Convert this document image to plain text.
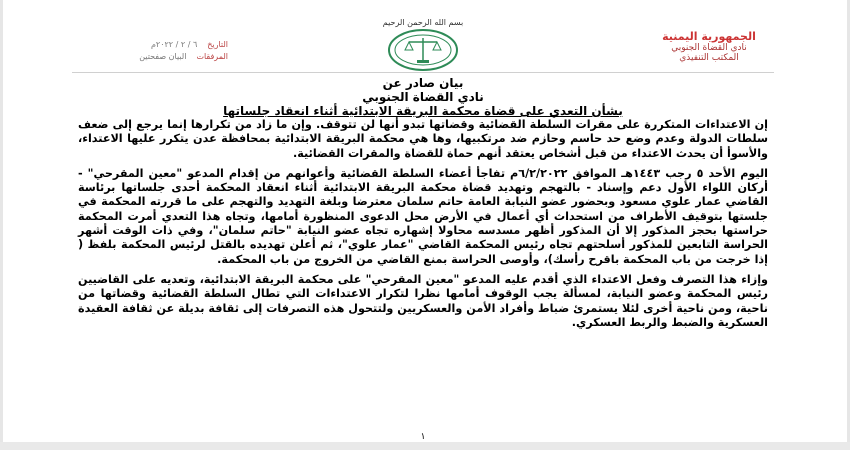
بسم الله الرحمن الرحيم
الجمهورية اليمنية
نادي القضاة الجنوبي
المكتب التنفيذي
التاريخ
٦ / ٢ / ٢٠٢٢م
المرفقات
البيان صفحتين
بيان صادر عن
نادي القضاة الجنوبي
بشأن التعدي على قضاة محكمة البريقة الابتدائية أثناء انعقاد جلساتها

إن الاعتداءات المتكررة على مقرات السلطة القضائية وقضاتها تبدو أنها لن تتوقف. وإن ما زاد من تكرارها إنما يرجع إلى ضعف سلطات الدولة وعدم وضع حد حاسم وحازم ضد مرتكبيها، وها هي محكمة البريقة الابتدائية بمحافظة عدن يتكرر عليها الاعتداء، والأسوأ أن يحدث الاعتداء من قبل أشخاص يعتقد أنهم حماة للقضاة والمقرات القضائية.

اليوم الأحد ٥ رجب ١٤٤٣هـ الموافق ٦/٢/٢٠٢٢م تفاجأ أعضاء السلطة القضائية وأعوانهم من إقدام المدعو "معين المقرحي" - أركان اللواء الأول دعم وإسناد - بالتهجم وتهديد قضاة محكمة البريقة الابتدائية أثناء انعقاد المحكمة أحدى جلساتها برئاسة القاضي عمار علوي مسعود وبحضور عضو النيابة العامة حاتم سلمان معترضا وبلغة التهديد والتهجم على ما قررته المحكمة في جلستها بتوقيف الأطراف من استحداث أي أعمال في الأرض محل الدعوى المنظورة أمامها، وتجاه هذا التعدي أمرت المحكمة حراستها بحجز المذكور إلا أن المذكور أظهر مسدسه محاولا إشهاره تجاه عضو النيابة "حاتم سلمان"، وفي ذات الوقت أشهر الحراسة التابعين للمذكور أسلحتهم تجاه رئيس المحكمة القاضي "عمار علوي"، ثم أعلن تهديده بالقتل لرئيس المحكمة بلفظ ( إذا خرجت من باب المحكمة باقرح رأسك)، وأوصى الحراسة بمنع القاضي من الخروج من باب المحكمة.

وإزاء هذا التصرف وفعل الاعتداء الذي أقدم عليه المدعو "معين المقرحي" على محكمة البريقة الابتدائية، وتعديه على القاضيين رئيس المحكمة وعضو النيابة، لمسألة يجب الوقوف أمامها نظرا لتكرار الاعتداءات التي تطال السلطة القضائية وقضاتها من ناحية، ومن ناحية أخرى لئلا يستمرئ ضباط وأفراد الأمن والعسكريين ولتتحول هذه التصرفات إلى ثقافة بديلة عن ثقافة العقيدة العسكرية والضبط والربط العسكري.

١
